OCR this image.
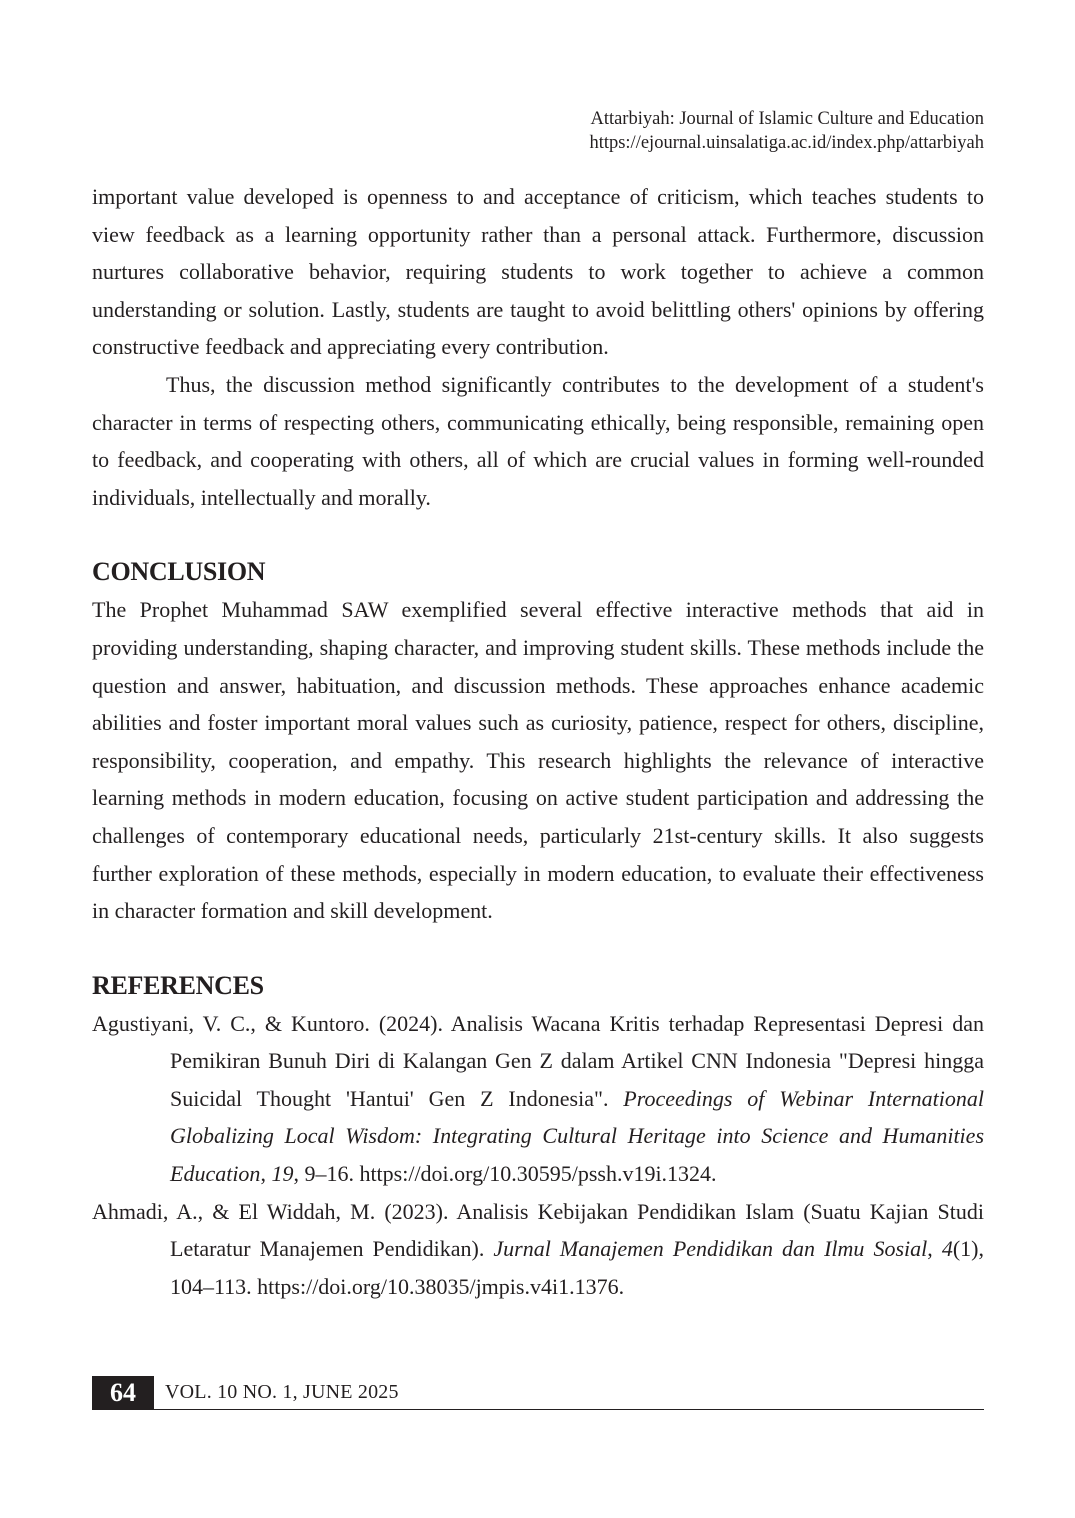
Attarbiyah: Journal of Islamic Culture and Education
https://ejournal.uinsalatiga.ac.id/index.php/attarbiyah

important value developed is openness to and acceptance of criticism, which teaches students to view feedback as a learning opportunity rather than a personal attack. Furthermore, discussion nurtures collaborative behavior, requiring students to work together to achieve a common understanding or solution. Lastly, students are taught to avoid belittling others' opinions by offering constructive feedback and appreciating every contribution.

Thus, the discussion method significantly contributes to the development of a student's character in terms of respecting others, communicating ethically, being responsible, remaining open to feedback, and cooperating with others, all of which are crucial values in forming well-rounded individuals, intellectually and morally.

CONCLUSION

The Prophet Muhammad SAW exemplified several effective interactive methods that aid in providing understanding, shaping character, and improving student skills. These methods include the question and answer, habituation, and discussion methods. These approaches enhance academic abilities and foster important moral values such as curiosity, patience, respect for others, discipline, responsibility, cooperation, and empathy. This research highlights the relevance of interactive learning methods in modern education, focusing on active student participation and addressing the challenges of contemporary educational needs, particularly 21st-century skills. It also suggests further exploration of these methods, especially in modern education, to evaluate their effectiveness in character formation and skill development.

REFERENCES
Agustiyani, V. C., & Kuntoro. (2024). Analisis Wacana Kritis terhadap Representasi Depresi dan Pemikiran Bunuh Diri di Kalangan Gen Z dalam Artikel CNN Indonesia "Depresi hingga Suicidal Thought 'Hantui' Gen Z Indonesia". Proceedings of Webinar International Globalizing Local Wisdom: Integrating Cultural Heritage into Science and Humanities Education, 19, 9–16. https://doi.org/10.30595/pssh.v19i.1324.
Ahmadi, A., & El Widdah, M. (2023). Analisis Kebijakan Pendidikan Islam (Suatu Kajian Studi Letaratur Manajemen Pendidikan). Jurnal Manajemen Pendidikan dan Ilmu Sosial, 4(1), 104–113. https://doi.org/10.38035/jmpis.v4i1.1376.
64	VOL. 10 NO. 1, JUNE 2025
